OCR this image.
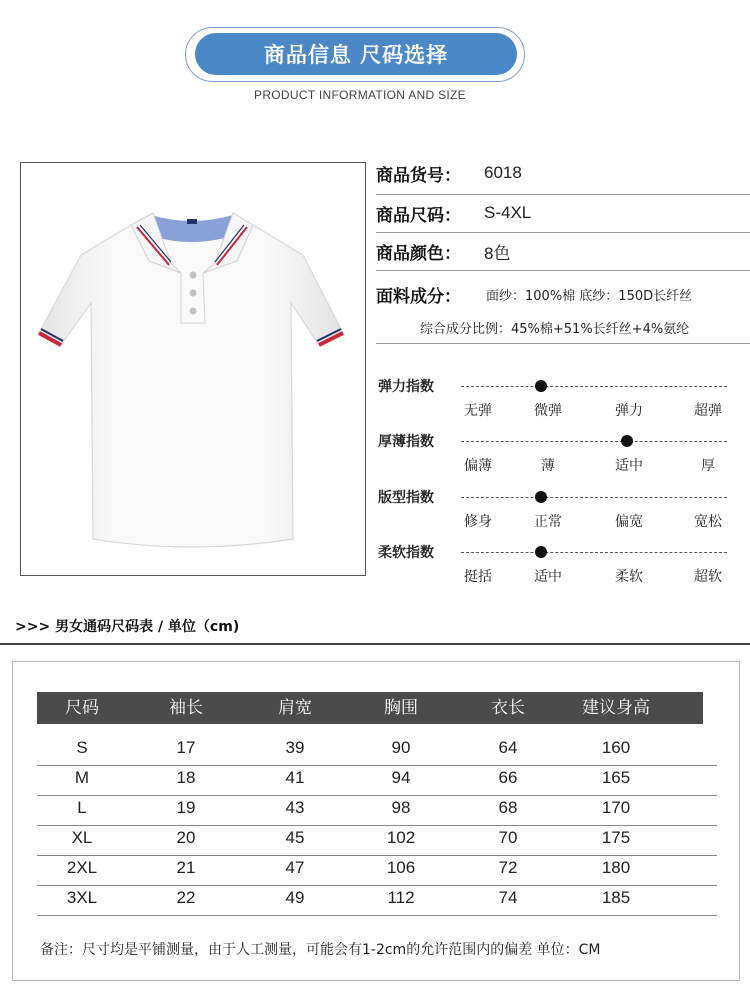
商品信息 尺码选择
PRODUCT INFORMATION AND SIZE
商品货号：	6018
商品尺码：	S-4XL
商品颜色：	8色
面料成分：	面纱：100%棉 底纱：150D长纤丝
综合成分比例：45%棉+51%长纤丝+4%氨纶
弹力指数
无弹	微弹	弹力	超弹
厚薄指数
偏薄	薄	适中	厚
版型指数
修身	正常	偏宽	宽松
柔软指数
挺括	适中	柔软	超软
>>> 男女通码尺码表 / 单位（cm)
尺码	袖长	肩宽	胸围	衣长	建议身高
S	17	39	90	64	160
M	18	41	94	66	165
L	19	43	98	68	170
XL	20	45	102	70	175
2XL	21	47	106	72	180
3XL	22	49	112	74	185
备注：尺寸均是平铺测量，由于人工测量，可能会有1-2cm的允许范围内的偏差 单位：CM
